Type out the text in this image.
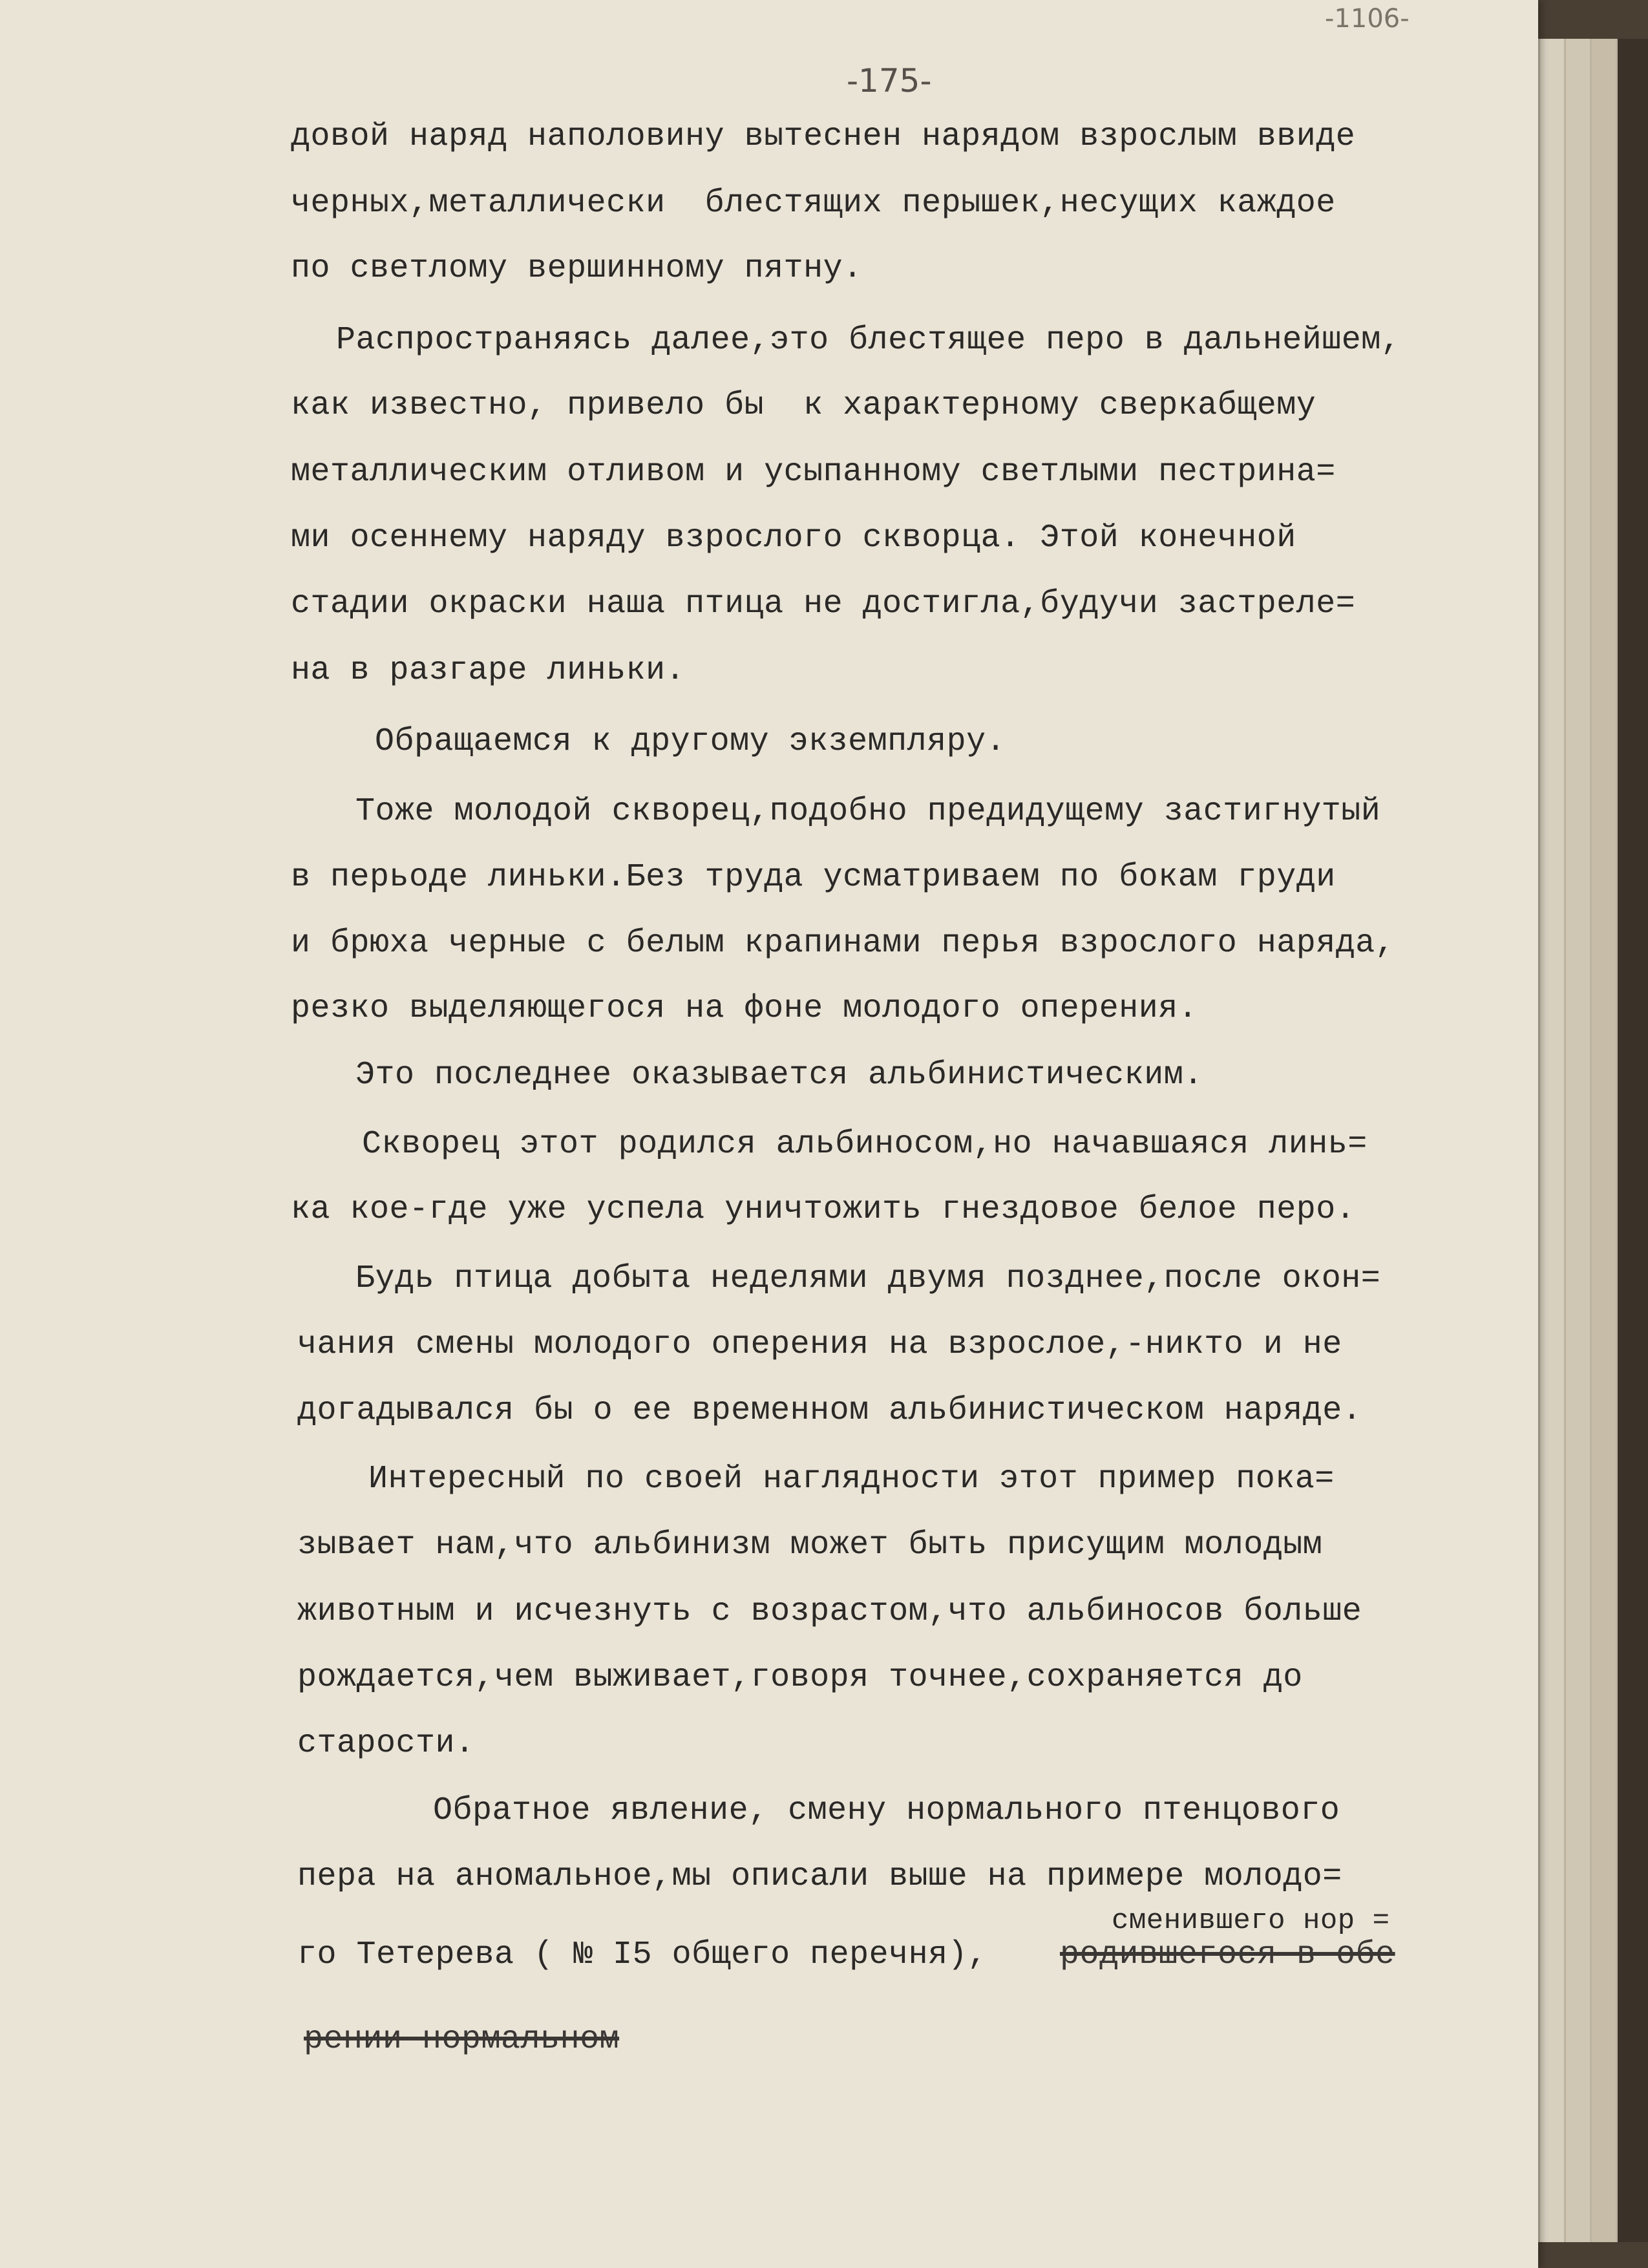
-1106-
-175-
довой наряд наполовину вытеснен нарядом взрослым ввиде
черных,металлически  блестящих перышек,несущих каждое
по светлому вершинному пятну.
Распространяясь далее,это блестящее перо в дальнейшем,
как известно, привело бы  к характерному сверкабщему
металлическим отливом и усыпанному светлыми пестрина=
ми осеннему наряду взрослого скворца. Этой конечной
стадии окраски наша птица не достигла,будучи застреле=
на в разгаре линьки.
Обращаемся к другому экземпляру.
Тоже молодой скворец,подобно предидущему застигнутый
в перьоде линьки.Без труда усматриваем по бокам груди
и брюха черные с белым крапинами перья взрослого наряда,
резко выделяющегося на фоне молодого оперения.
Это последнее оказывается альбинистическим.
Скворец этот родился альбиносом,но начавшаяся линь=
ка кое-где уже успела уничтожить гнездовое белое перо.
Будь птица добыта неделями двумя позднее,после окон=
чания смены молодого оперения на взрослое,-никто и не
догадывался бы о ее временном альбинистическом наряде.
Интересный по своей наглядности этот пример пока=
зывает нам,что альбинизм может быть присущим молодым
животным и исчезнуть с возрастом,что альбиносов больше
рождается,чем выживает,говоря точнее,сохраняется до
старости.
Обратное явление, смену нормального птенцового
пера на аномальное,мы описали выше на примере молодо=
сменившего нор =
го Тетерева ( № I5 общего перечня), родившегося в обе
рении нормальном
